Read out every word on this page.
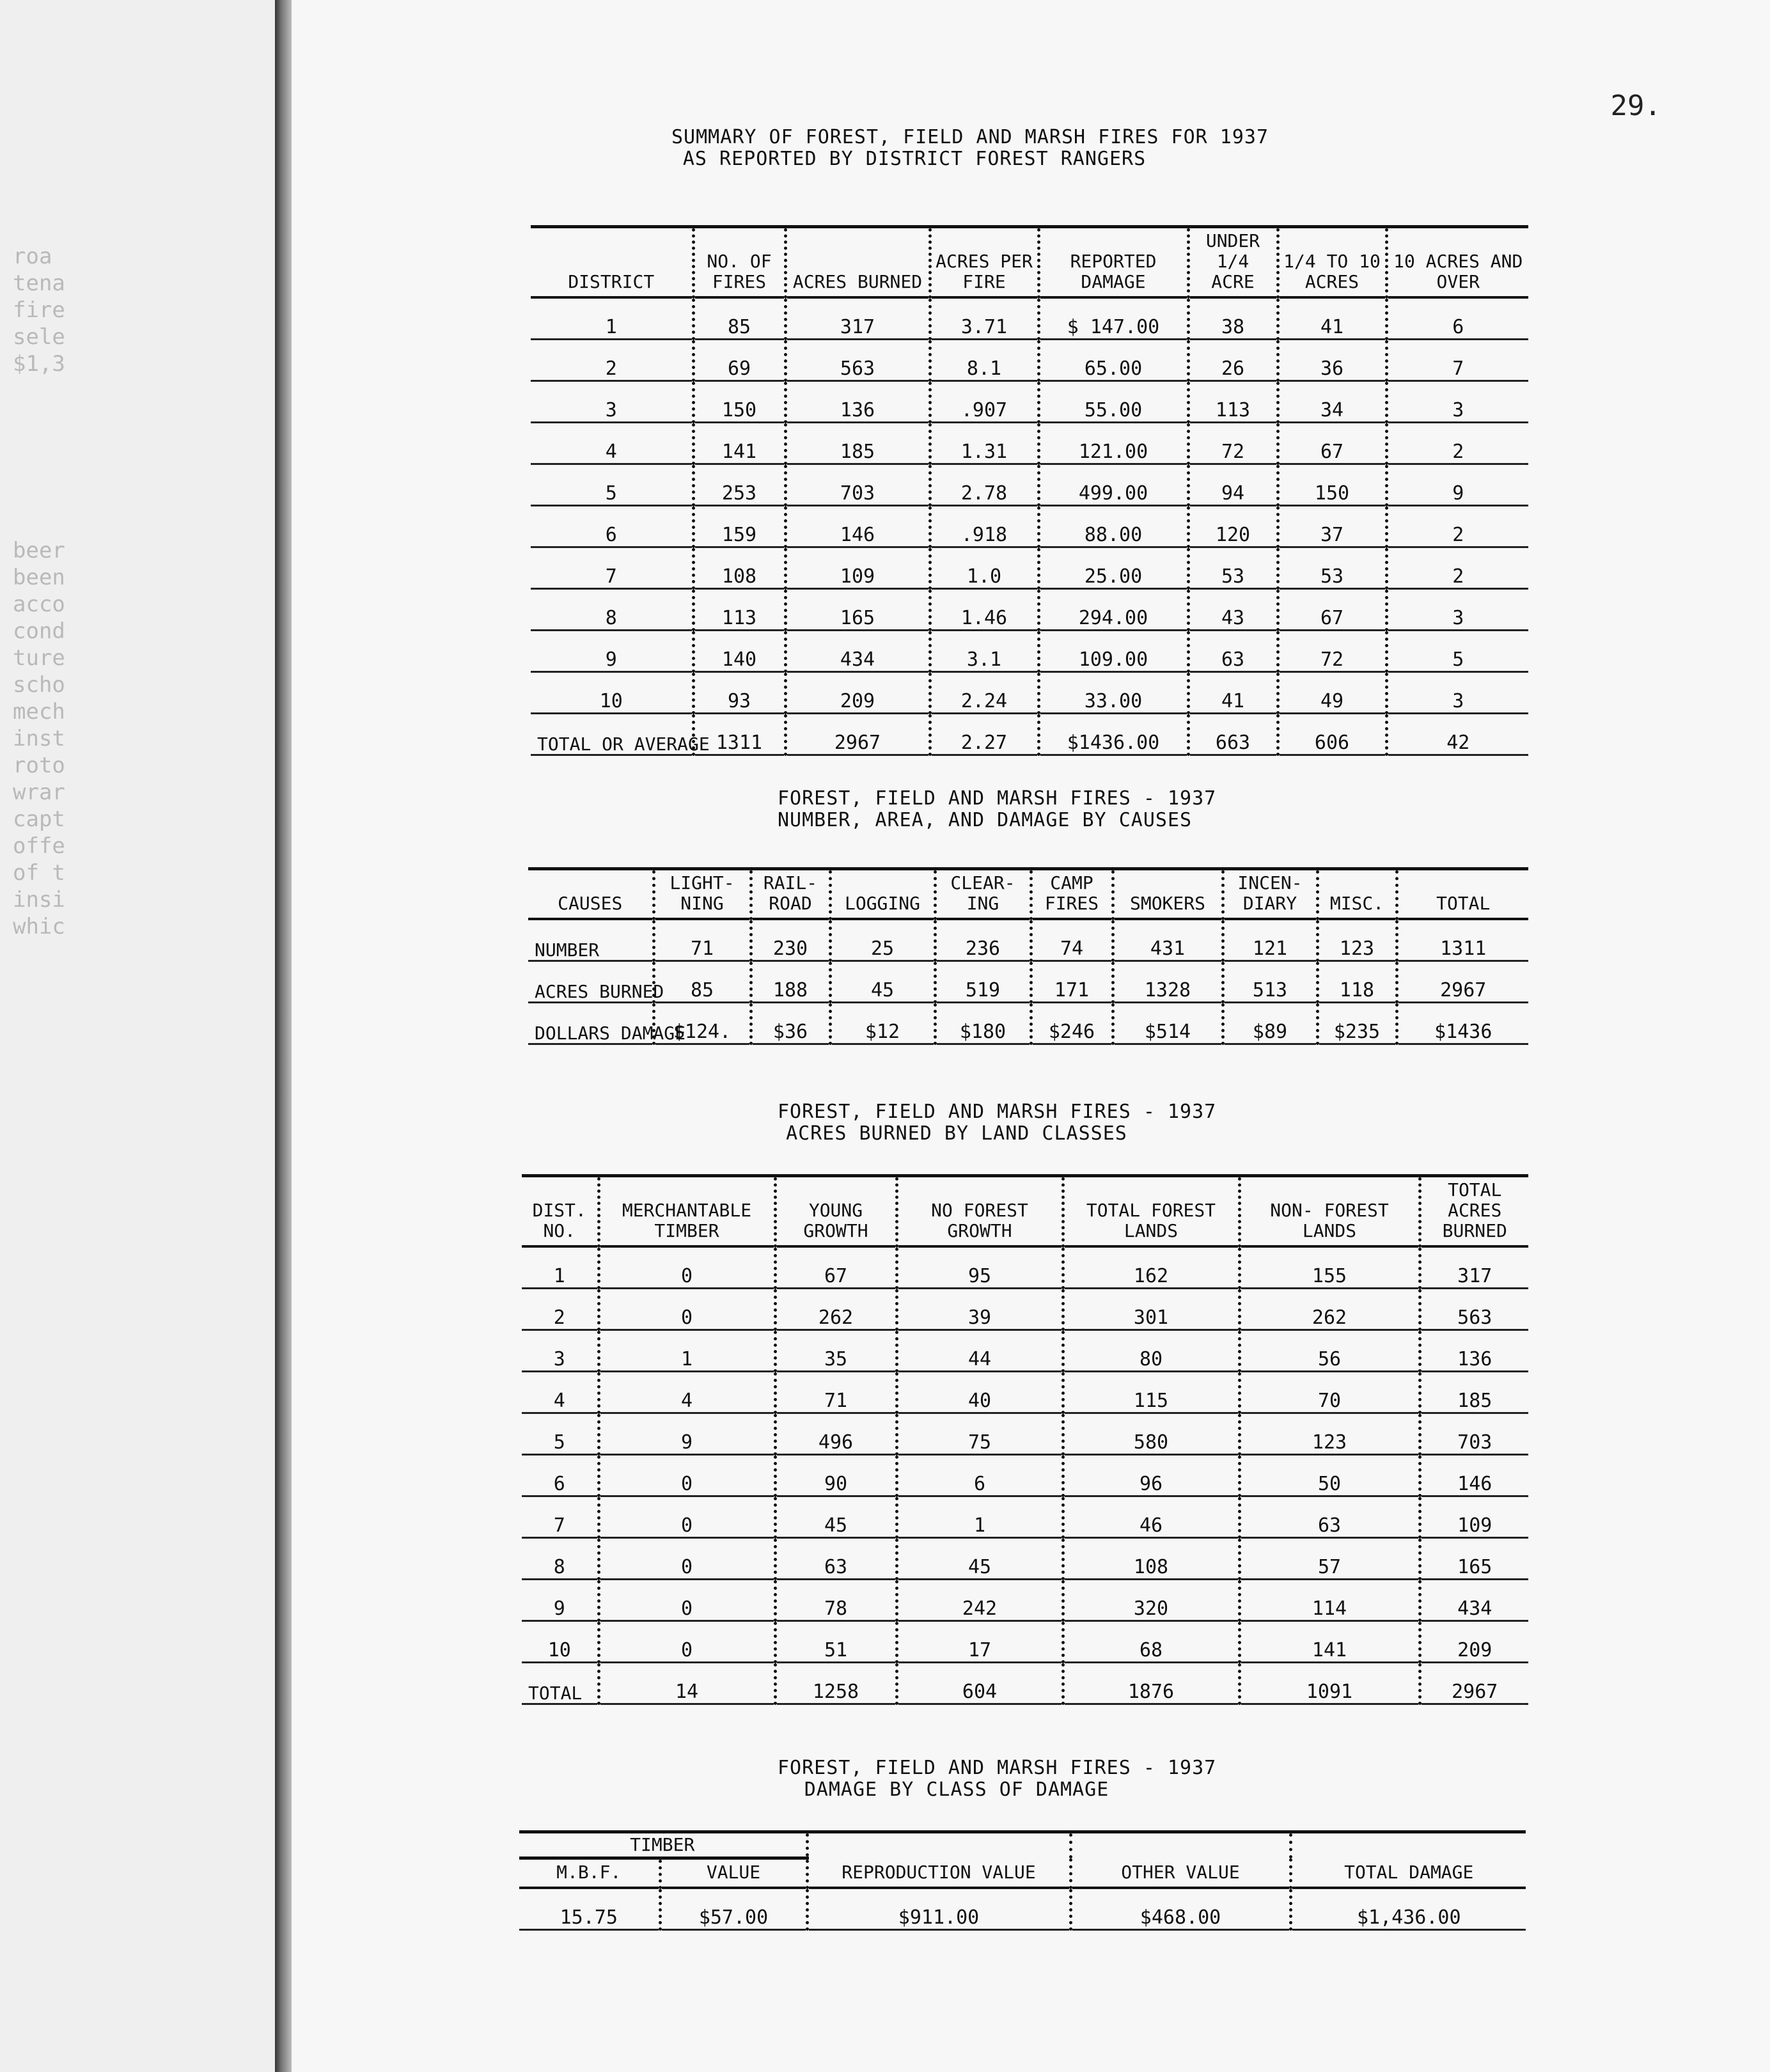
roa
tena
fire
sele
$1,3
beer
been
acco
cond
ture
scho
mech
inst
roto
wrar
capt
offe
of t
insi
whic
29.
SUMMARY OF FOREST, FIELD AND MARSH FIRES FOR 1937
AS REPORTED BY DISTRICT FOREST RANGERS
DISTRICT	NO. OF FIRES	ACRES BURNED	ACRES PER FIRE	REPORTED DAMAGE	UNDER 1/4 ACRE	1/4 TO 10 ACRES	10 ACRES AND OVER
1	85	317	3.71	$ 147.00	38	41	6
2	69	563	8.1	65.00	26	36	7
3	150	136	.907	55.00	113	34	3
4	141	185	1.31	121.00	72	67	2
5	253	703	2.78	499.00	94	150	9
6	159	146	.918	88.00	120	37	2
7	108	109	1.0	25.00	53	53	2
8	113	165	1.46	294.00	43	67	3
9	140	434	3.1	109.00	63	72	5
10	93	209	2.24	33.00	41	49	3
TOTAL OR AVERAGE	1311	2967	2.27	$1436.00	663	606	42
FOREST, FIELD AND MARSH FIRES - 1937
NUMBER, AREA, AND DAMAGE BY CAUSES
CAUSES	LIGHT- NING	RAIL- ROAD	LOGGING	CLEAR- ING	CAMP FIRES	SMOKERS	INCEN- DIARY	MISC.	TOTAL
NUMBER	71	230	25	236	74	431	121	123	1311
ACRES BURNED	85	188	45	519	171	1328	513	118	2967
DOLLARS DAMAGE	$124.	$36	$12	$180	$246	$514	$89	$235	$1436
FOREST, FIELD AND MARSH FIRES - 1937
ACRES BURNED BY LAND CLASSES
DIST. NO.	MERCHANTABLE TIMBER	YOUNG GROWTH	NO FOREST GROWTH	TOTAL FOREST LANDS	NON- FOREST LANDS	TOTAL ACRES BURNED
1	0	67	95	162	155	317
2	0	262	39	301	262	563
3	1	35	44	80	56	136
4	4	71	40	115	70	185
5	9	496	75	580	123	703
6	0	90	6	96	50	146
7	0	45	1	46	63	109
8	0	63	45	108	57	165
9	0	78	242	320	114	434
10	0	51	17	68	141	209
TOTAL	14	1258	604	1876	1091	2967
FOREST, FIELD AND MARSH FIRES - 1937
DAMAGE BY CLASS OF DAMAGE
TIMBER		REPRODUCTION VALUE	OTHER VALUE	TOTAL DAMAGE
M.B.F.	VALUE			
15.75	$57.00	$911.00	$468.00	$1,436.00
